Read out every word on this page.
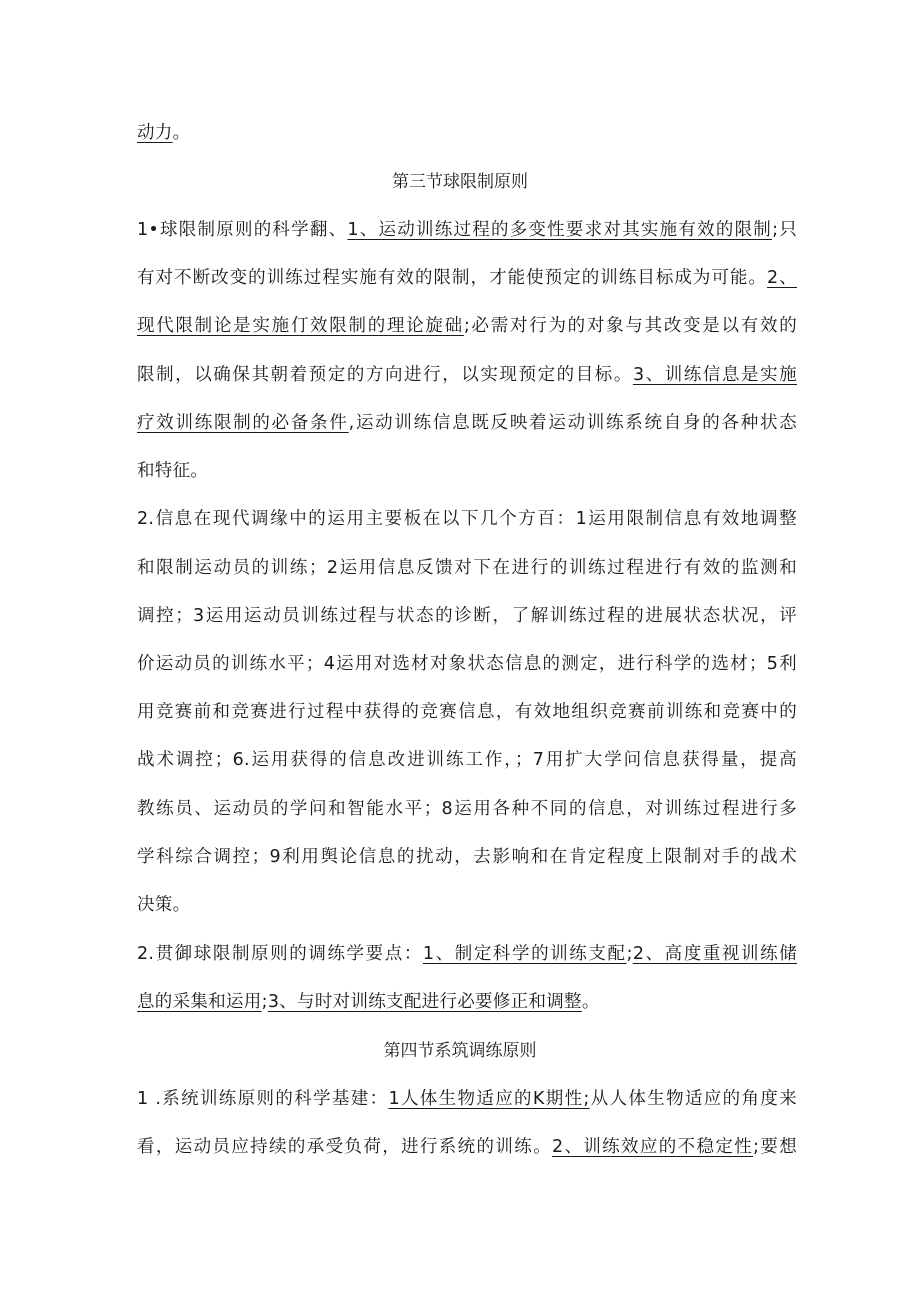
动力。
第三节球限制原则
1•球限制原则的科学翻、1、运动训练过程的多变性要求对其实施有效的限制;只
有对不断改变的训练过程实施有效的限制，才能使预定的训练目标成为可能。2、
现代限制论是实施仃效限制的理论旋础;必需对行为的对象与其改变是以有效的
限制，以确保其朝着预定的方向进行，以实现预定的目标。3、训练信息是实施
疗效训练限制的必备条件,运动训练信息既反映着运动训练系统自身的各种状态
和特征。
2.信息在现代调缘中的运用主要板在以下几个方百：1运用限制信息有效地调整
和限制运动员的训练；2运用信息反馈对下在进行的训练过程进行有效的监测和
调控；3运用运动员训练过程与状态的诊断，了解训练过程的进展状态状况，评
价运动员的训练水平；4运用对选材对象状态信息的测定，进行科学的选材；5利
用竞赛前和竞赛进行过程中获得的竞赛信息，有效地组织竞赛前训练和竞赛中的
战术调控；6.运用获得的信息改进训练工作，；7用扩大学问信息获得量，提高
教练员、运动员的学问和智能水平；8运用各种不同的信息，对训练过程进行多
学科综合调控；9利用舆论信息的扰动，去影响和在肯定程度上限制对手的战术
决策。
2.贯御球限制原则的调练学要点：1、制定科学的训练支配;2、高度重视训练储
息的采集和运用;3、与时对训练支配进行必要修正和调整。
第四节系筑调练原则
1 .系统训练原则的科学基建：1人体生物适应的K期性;从人体生物适应的角度来
看，运动员应持续的承受负荷，进行系统的训练。2、训练效应的不稳定性;要想
